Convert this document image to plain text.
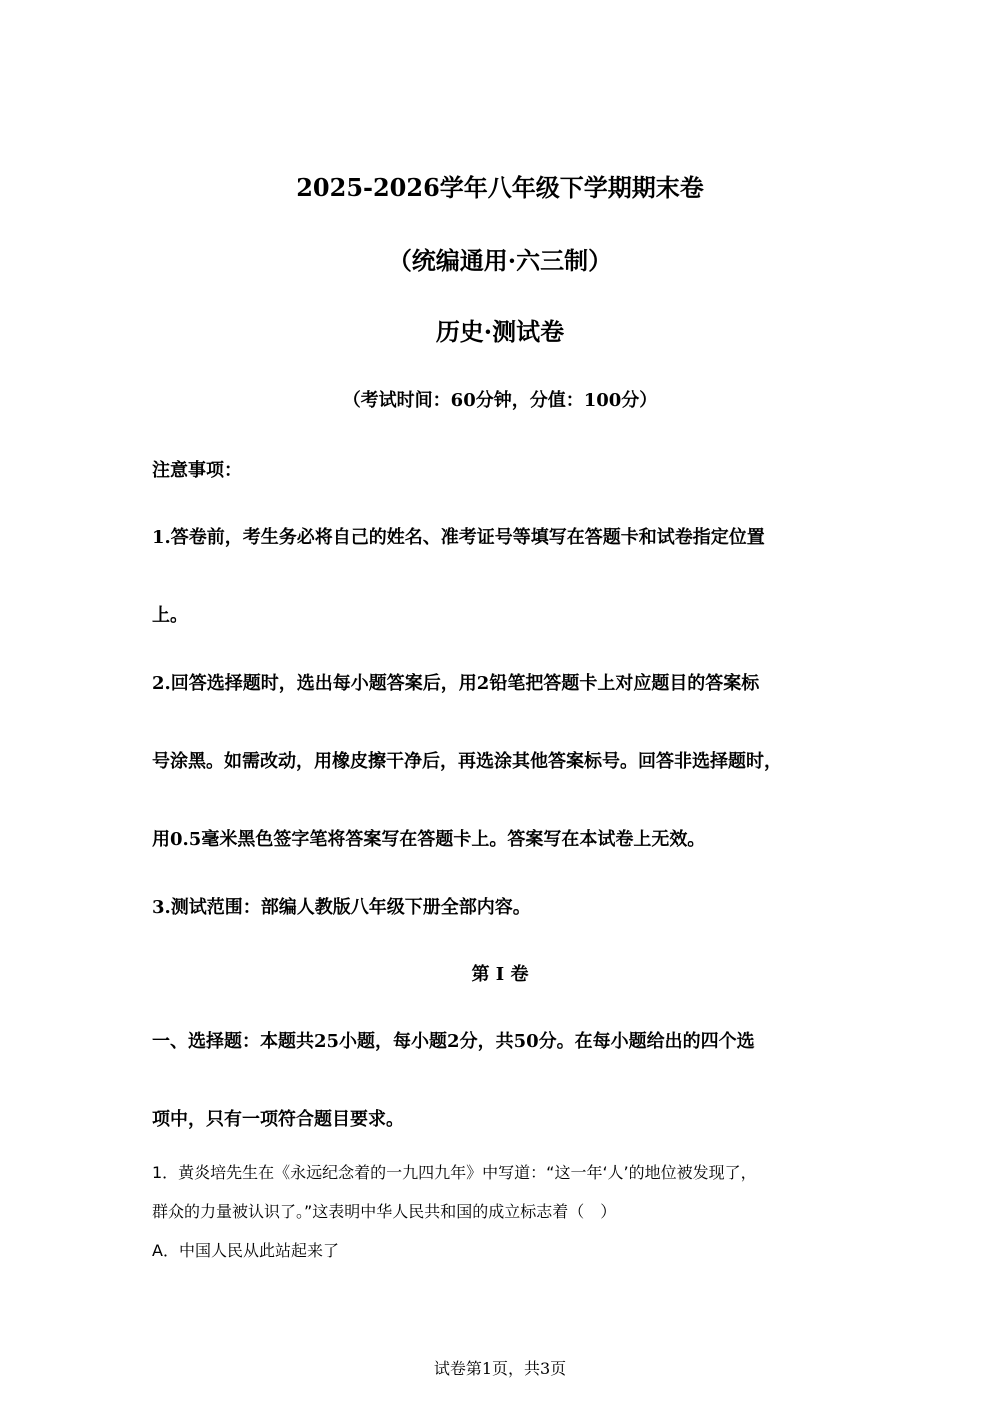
2025-2026学年八年级下学期期末卷
（统编通用·六三制）
历史·测试卷
（考试时间：60分钟，分值：100分）
注意事项：
1.答卷前，考生务必将自己的姓名、准考证号等填写在答题卡和试卷指定位置
上。
2.回答选择题时，选出每小题答案后，用2铅笔把答题卡上对应题目的答案标
号涂黑。如需改动，用橡皮擦干净后，再选涂其他答案标号。回答非选择题时，
用0.5毫米黑色签字笔将答案写在答题卡上。答案写在本试卷上无效。
3.测试范围：部编人教版八年级下册全部内容。
第 I 卷
一、选择题：本题共25小题，每小题2分，共50分。在每小题给出的四个选
项中，只有一项符合题目要求。
1．黄炎培先生在《永远纪念着的一九四九年》中写道：“这一年‘人’的地位被发现了，
群众的力量被认识了。”这表明中华人民共和国的成立标志着（　）
A．中国人民从此站起来了
试卷第1页，共3页
